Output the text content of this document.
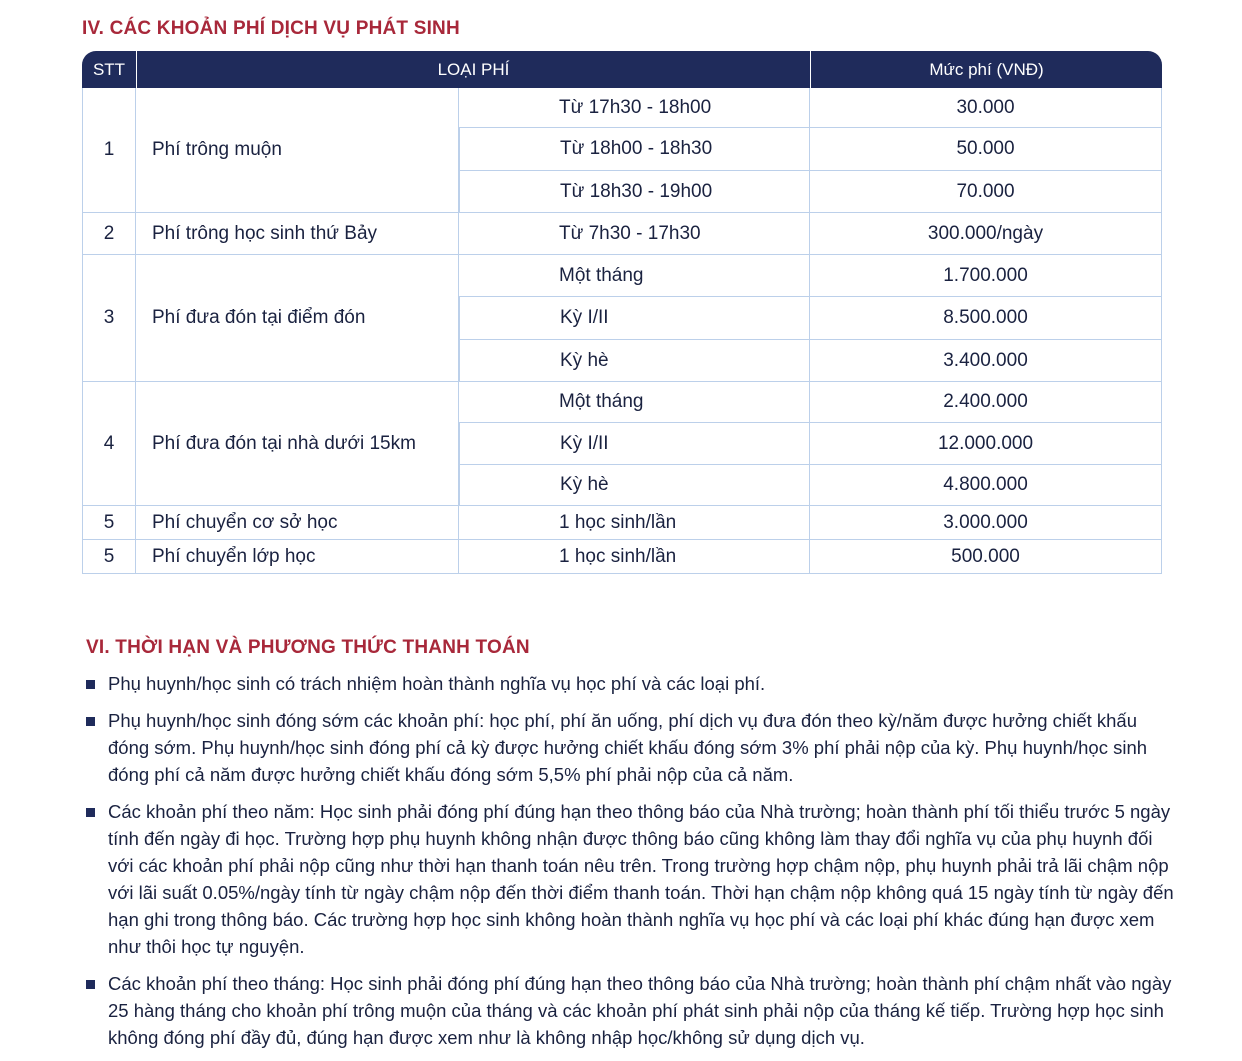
IV. CÁC KHOẢN PHÍ DỊCH VỤ PHÁT SINH
STT	LOẠI PHÍ		Mức phí (VNĐ)
1	Phí trông muộn	Từ 17h30 - 18h00	30.000
		Từ 18h00 - 18h30	50.000
		Từ 18h30 - 19h00	70.000
2	Phí trông học sinh thứ Bảy	Từ 7h30 - 17h30	300.000/ngày
3	Phí đưa đón tại điểm đón	Một tháng	1.700.000
		Kỳ I/II	8.500.000
		Kỳ hè	3.400.000
4	Phí đưa đón tại nhà dưới 15km	Một tháng	2.400.000
		Kỳ I/II	12.000.000
		Kỳ hè	4.800.000
5	Phí chuyển cơ sở học	1 học sinh/lần	3.000.000
5	Phí chuyển lớp học	1 học sinh/lần	500.000
VI. THỜI HẠN VÀ PHƯƠNG THỨC THANH TOÁN
Phụ huynh/học sinh có trách nhiệm hoàn thành nghĩa vụ học phí và các loại phí.
Phụ huynh/học sinh đóng sớm các khoản phí: học phí, phí ăn uống, phí dịch vụ đưa đón theo kỳ/năm được hưởng chiết khấu đóng sớm. Phụ huynh/học sinh đóng phí cả kỳ được hưởng chiết khấu đóng sớm 3% phí phải nộp của kỳ. Phụ huynh/học sinh đóng phí cả năm được hưởng chiết khấu đóng sớm 5,5% phí phải nộp của cả năm.
Các khoản phí theo năm: Học sinh phải đóng phí đúng hạn theo thông báo của Nhà trường; hoàn thành phí tối thiểu trước 5 ngày tính đến ngày đi học. Trường hợp phụ huynh không nhận được thông báo cũng không làm thay đổi nghĩa vụ của phụ huynh đối với các khoản phí phải nộp cũng như thời hạn thanh toán nêu trên. Trong trường hợp chậm nộp, phụ huynh phải trả lãi chậm nộp với lãi suất 0.05%/ngày tính từ ngày chậm nộp đến thời điểm thanh toán. Thời hạn chậm nộp không quá 15 ngày tính từ ngày đến hạn ghi trong thông báo. Các trường hợp học sinh không hoàn thành nghĩa vụ học phí và các loại phí khác đúng hạn được xem như thôi học tự nguyện.
Các khoản phí theo tháng: Học sinh phải đóng phí đúng hạn theo thông báo của Nhà trường; hoàn thành phí chậm nhất vào ngày 25 hàng tháng cho khoản phí trông muộn của tháng và các khoản phí phát sinh phải nộp của tháng kế tiếp. Trường hợp học sinh không đóng phí đầy đủ, đúng hạn được xem như là không nhập học/không sử dụng dịch vụ.
